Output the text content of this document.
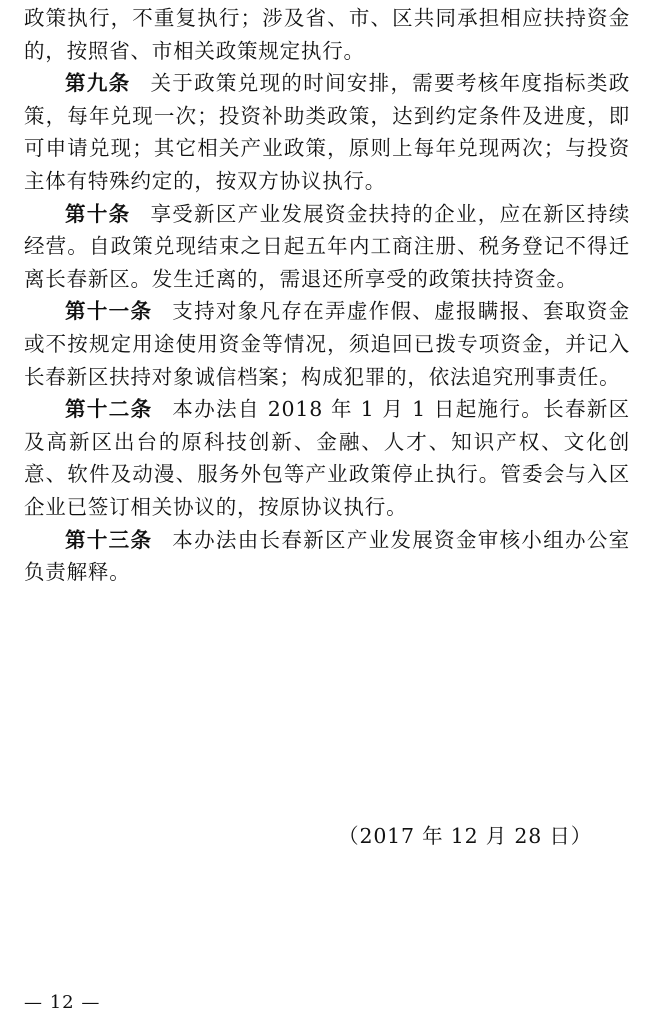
政策执行，不重复执行；涉及省、市、区共同承担相应扶持资金的，按照省、市相关政策规定执行。

第九条 关于政策兑现的时间安排，需要考核年度指标类政策，每年兑现一次；投资补助类政策，达到约定条件及进度，即可申请兑现；其它相关产业政策，原则上每年兑现两次；与投资主体有特殊约定的，按双方协议执行。

第十条 享受新区产业发展资金扶持的企业，应在新区持续经营。自政策兑现结束之日起五年内工商注册、税务登记不得迁离长春新区。发生迁离的，需退还所享受的政策扶持资金。

第十一条 支持对象凡存在弄虚作假、虚报瞒报、套取资金或不按规定用途使用资金等情况，须追回已拨专项资金，并记入长春新区扶持对象诚信档案；构成犯罪的，依法追究刑事责任。

第十二条 本办法自 2018 年 1 月 1 日起施行。长春新区及高新区出台的原科技创新、金融、人才、知识产权、文化创意、软件及动漫、服务外包等产业政策停止执行。管委会与入区企业已签订相关协议的，按原协议执行。

第十三条 本办法由长春新区产业发展资金审核小组办公室负责解释。

（2017 年 12 月 28 日）
— 12 —
